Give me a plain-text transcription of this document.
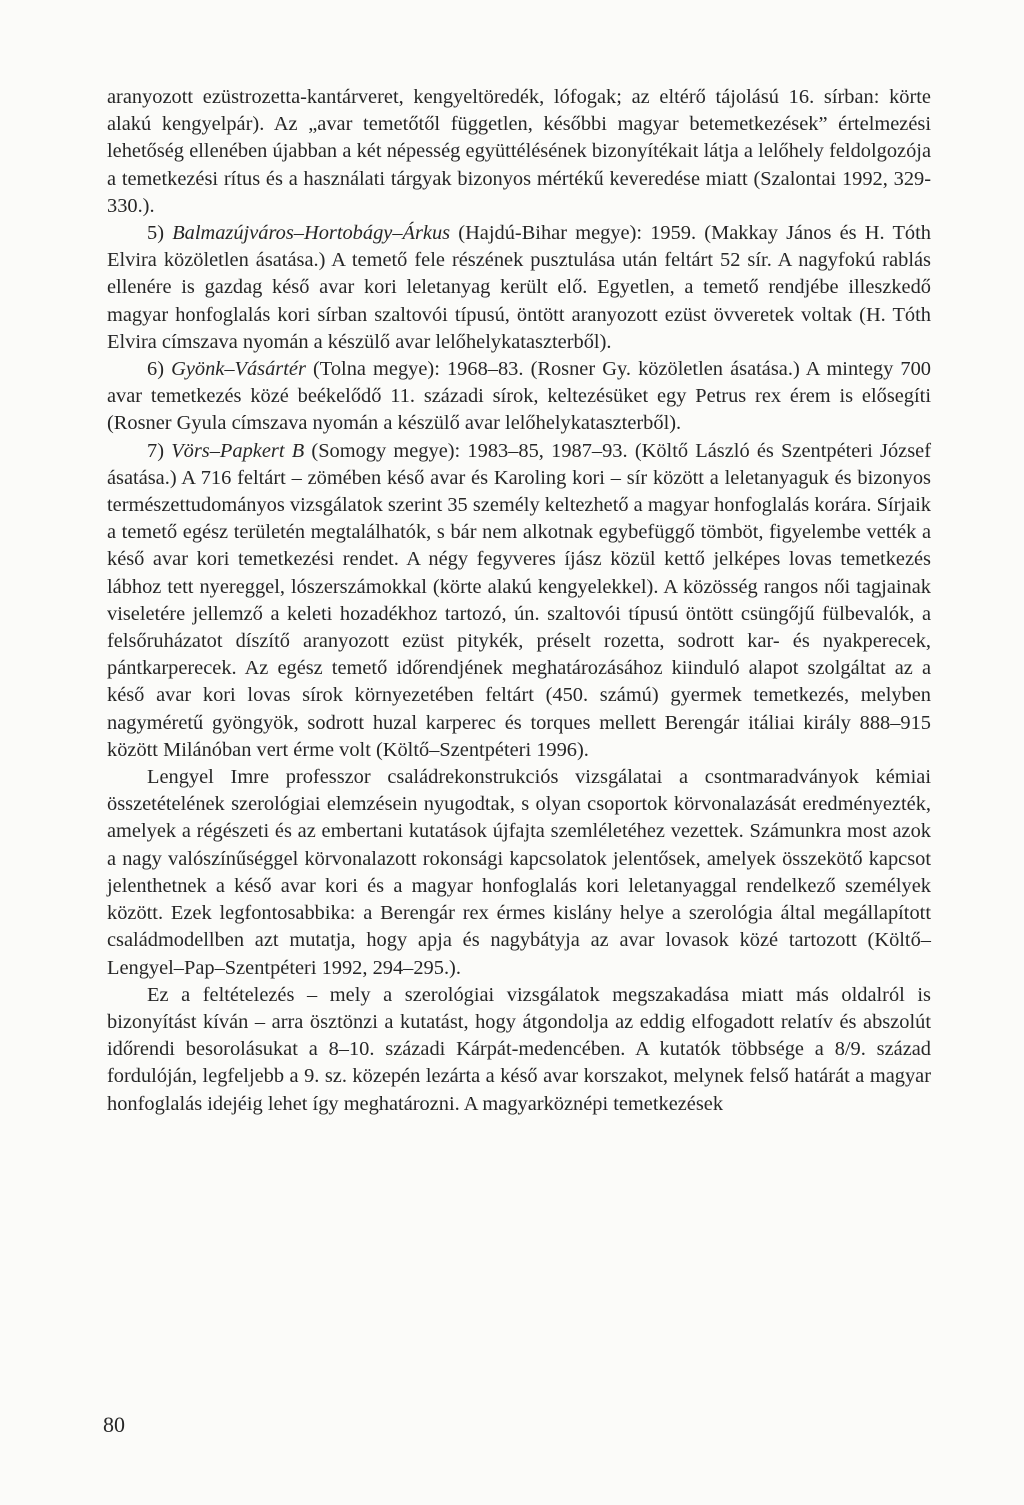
aranyozott ezüstrozetta-kantárveret, kengyeltöredék, lófogak; az eltérő tájolású 16. sírban: körte alakú kengyelpár). Az „avar temetőtől független, későbbi magyar betemetkezések” értelmezési lehetőség ellenében újabban a két népesség együttélésének bizonyítékait látja a lelőhely feldolgozója a temetkezési rítus és a használati tárgyak bizonyos mértékű keveredése miatt (Szalontai 1992, 329-330.).

5) Balmazújváros–Hortobágy–Árkus (Hajdú-Bihar megye): 1959. (Makkay János és H. Tóth Elvira közöletlen ásatása.) A temető fele részének pusztulása után feltárt 52 sír. A nagyfokú rablás ellenére is gazdag késő avar kori leletanyag került elő. Egyetlen, a temető rendjébe illeszkedő magyar honfoglalás kori sírban szaltovói típusú, öntött aranyozott ezüst övveretek voltak (H. Tóth Elvira címszava nyomán a készülő avar lelőhelykataszterből).

6) Gyönk–Vásártér (Tolna megye): 1968–83. (Rosner Gy. közöletlen ásatása.) A mintegy 700 avar temetkezés közé beékelődő 11. századi sírok, keltezésüket egy Petrus rex érem is elősegíti (Rosner Gyula címszava nyomán a készülő avar lelőhelykataszterből).

7) Vörs–Papkert B (Somogy megye): 1983–85, 1987–93. (Költő László és Szentpéteri József ásatása.) A 716 feltárt – zömében késő avar és Karoling kori – sír között a leletanyaguk és bizonyos természettudományos vizsgálatok szerint 35 személy keltezhető a magyar honfoglalás korára. Sírjaik a temető egész területén megtalálhatók, s bár nem alkotnak egybefüggő tömböt, figyelembe vették a késő avar kori temetkezési rendet. A négy fegyveres íjász közül kettő jelképes lovas temetkezés lábhoz tett nyereggel, lószerszámokkal (körte alakú kengyelekkel). A közösség rangos női tagjainak viseletére jellemző a keleti hozadékhoz tartozó, ún. szaltovói típusú öntött csüngőjű fülbevalók, a felsőruházatot díszítő aranyozott ezüst pitykék, préselt rozetta, sodrott kar- és nyakperecek, pántkarperecek. Az egész temető időrendjének meghatározásához kiinduló alapot szolgáltat az a késő avar kori lovas sírok környezetében feltárt (450. számú) gyermek temetkezés, melyben nagyméretű gyöngyök, sodrott huzal karperec és torques mellett Berengár itáliai király 888–915 között Milánóban vert érme volt (Költő–Szentpéteri 1996).

Lengyel Imre professzor családrekonstrukciós vizsgálatai a csontmaradványok kémiai összetételének szerológiai elemzésein nyugodtak, s olyan csoportok körvonalazását eredményezték, amelyek a régészeti és az embertani kutatások újfajta szemléletéhez vezettek. Számunkra most azok a nagy valószínűséggel körvonalazott rokonsági kapcsolatok jelentősek, amelyek összekötő kapcsot jelenthetnek a késő avar kori és a magyar honfoglalás kori leletanyaggal rendelkező személyek között. Ezek legfontosabbika: a Berengár rex érmes kislány helye a szerológia által megállapított családmodellben azt mutatja, hogy apja és nagybátyja az avar lovasok közé tartozott (Költő–Lengyel–Pap–Szentpéteri 1992, 294–295.).

Ez a feltételezés – mely a szerológiai vizsgálatok megszakadása miatt más oldalról is bizonyítást kíván – arra ösztönzi a kutatást, hogy átgondolja az eddig elfogadott relatív és abszolút időrendi besorolásukat a 8–10. századi Kárpát-medencében. A kutatók többsége a 8/9. század fordulóján, legfeljebb a 9. sz. közepén lezárta a késő avar korszakot, melynek felső határát a magyar honfoglalás idejéig lehet így meghatározni. A magyarköznépi temetkezések

80
